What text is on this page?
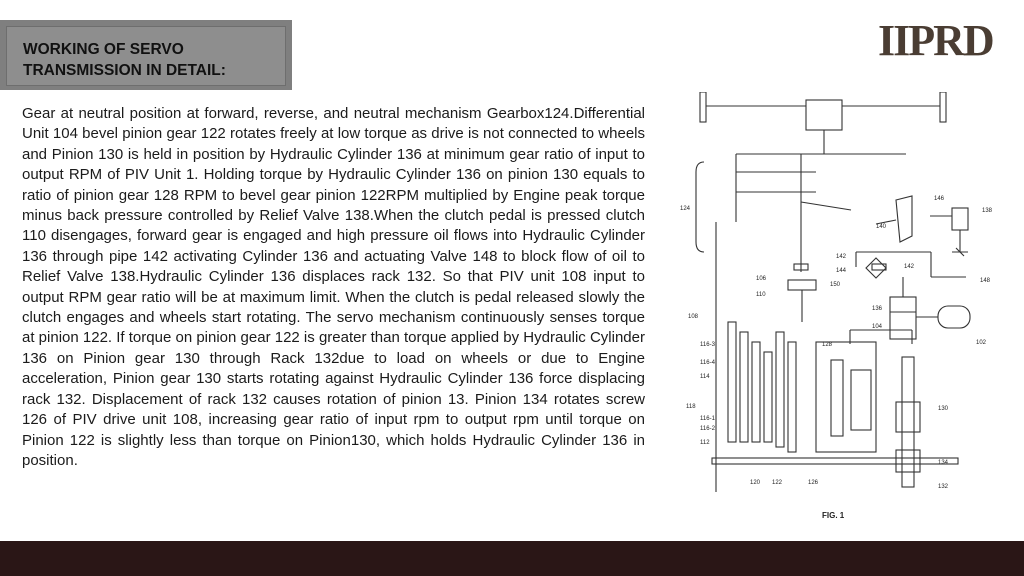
WORKING OF SERVO
TRANSMISSION IN DETAIL:
IIPRD

Gear at neutral position at forward, reverse, and neutral mechanism Gearbox124.Differential Unit 104 bevel pinion gear 122 rotates freely at low torque as drive is not connected to wheels and Pinion 130 is held in position by Hydraulic Cylinder 136 at minimum gear ratio of input to output RPM of PIV Unit 1. Holding torque by Hydraulic Cylinder 136 on pinion 130 equals to ratio of pinion gear 128 RPM to bevel gear pinion 122RPM multiplied by Engine peak torque minus back pressure controlled by Relief Valve 138.When the clutch pedal is pressed clutch 110 disengages, forward gear is engaged and high pressure oil flows into Hydraulic Cylinder 136 through pipe 142 activating Cylinder 136 and actuating Valve 148 to block flow of oil to Relief Valve 138.Hydraulic Cylinder 136 displaces rack 132. So that PIV unit 108 input to output RPM gear ratio will be at maximum limit. When the clutch is pedal released slowly the clutch engages and wheels start rotating. The servo mechanism continuously senses torque at pinion 122. If torque on pinion gear 122 is greater than torque applied by Hydraulic Cylinder 136 on Pinion gear 130 through Rack 132due to load on wheels or due to Engine acceleration, Pinion gear 130 starts rotating against Hydraulic Cylinder 136 force displacing rack 132. Displacement of rack 132 causes rotation of pinion 13. Pinion 134 rotates screw 126 of PIV drive unit 108, increasing gear ratio of input rpm to output rpm until torque on Pinion 122 is slightly less than torque on Pinion130, which holds Hydraulic Cylinder 136 in position.

124
140
146
138
142
144
150
142
148
106
110
136
102
108
104
128
116-3
116-4
114
118
116-1
116-2
112
130
134
132
120 122	126
FIG. 1
